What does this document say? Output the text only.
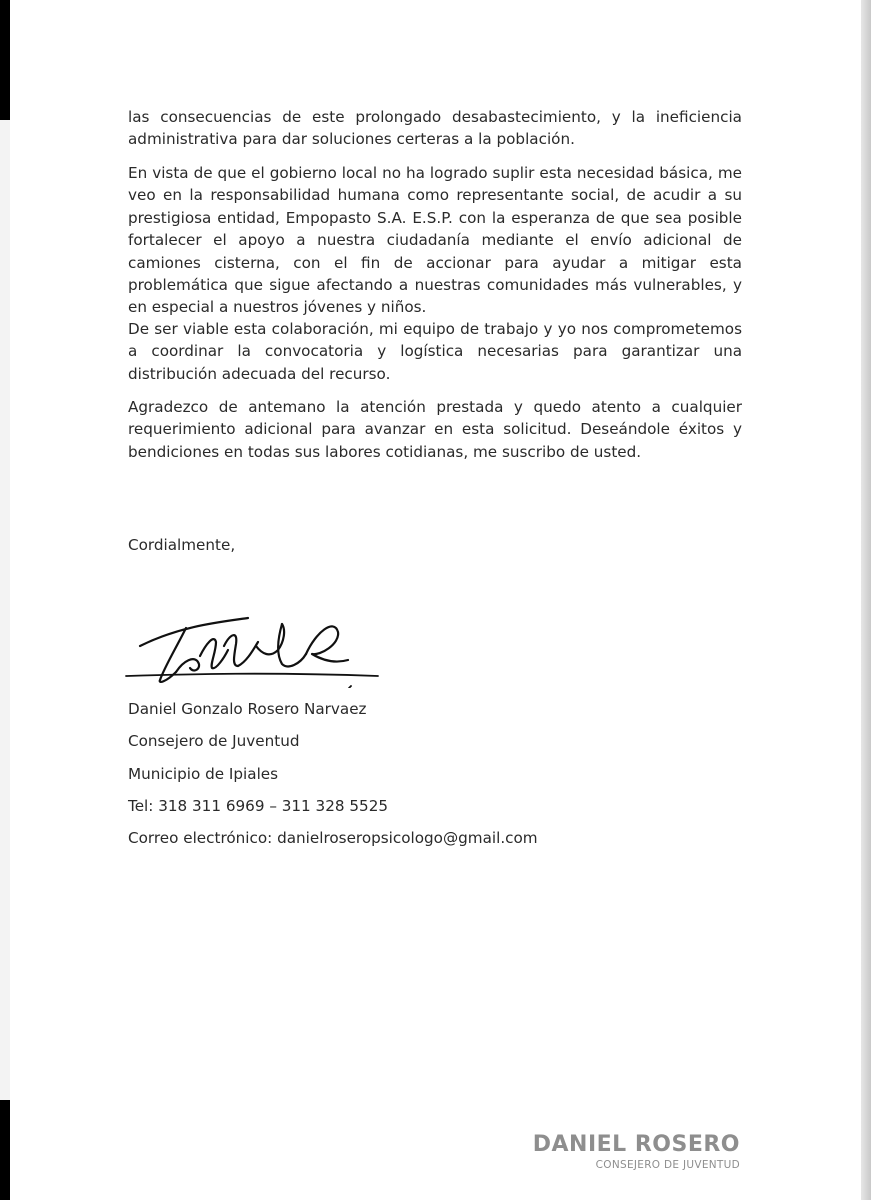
las consecuencias de este prolongado desabastecimiento, y la ineficiencia administrativa para dar soluciones certeras a la población.

En vista de que el gobierno local no ha logrado suplir esta necesidad básica, me veo en la responsabilidad humana como representante social, de acudir a su prestigiosa entidad, Empopasto S.A. E.S.P. con la esperanza de que sea posible fortalecer el apoyo a nuestra ciudadanía mediante el envío adicional de camiones cisterna, con el fin de accionar para ayudar a mitigar esta problemática que sigue afectando a nuestras comunidades más vulnerables, y en especial a nuestros jóvenes y niños.

De ser viable esta colaboración, mi equipo de trabajo y yo nos comprometemos a coordinar la convocatoria y logística necesarias para garantizar una distribución adecuada del recurso.

Agradezco de antemano la atención prestada y quedo atento a cualquier requerimiento adicional para avanzar en esta solicitud. Deseándole éxitos y bendiciones en todas sus labores cotidianas, me suscribo de usted.

Cordialmente,

Daniel Gonzalo Rosero Narvaez

Consejero de Juventud

Municipio de Ipiales

Tel: 318 311 6969 – 311 328 5525

Correo electrónico: danielroseropsicologo@gmail.com

DANIEL ROSERO
CONSEJERO DE JUVENTUD
